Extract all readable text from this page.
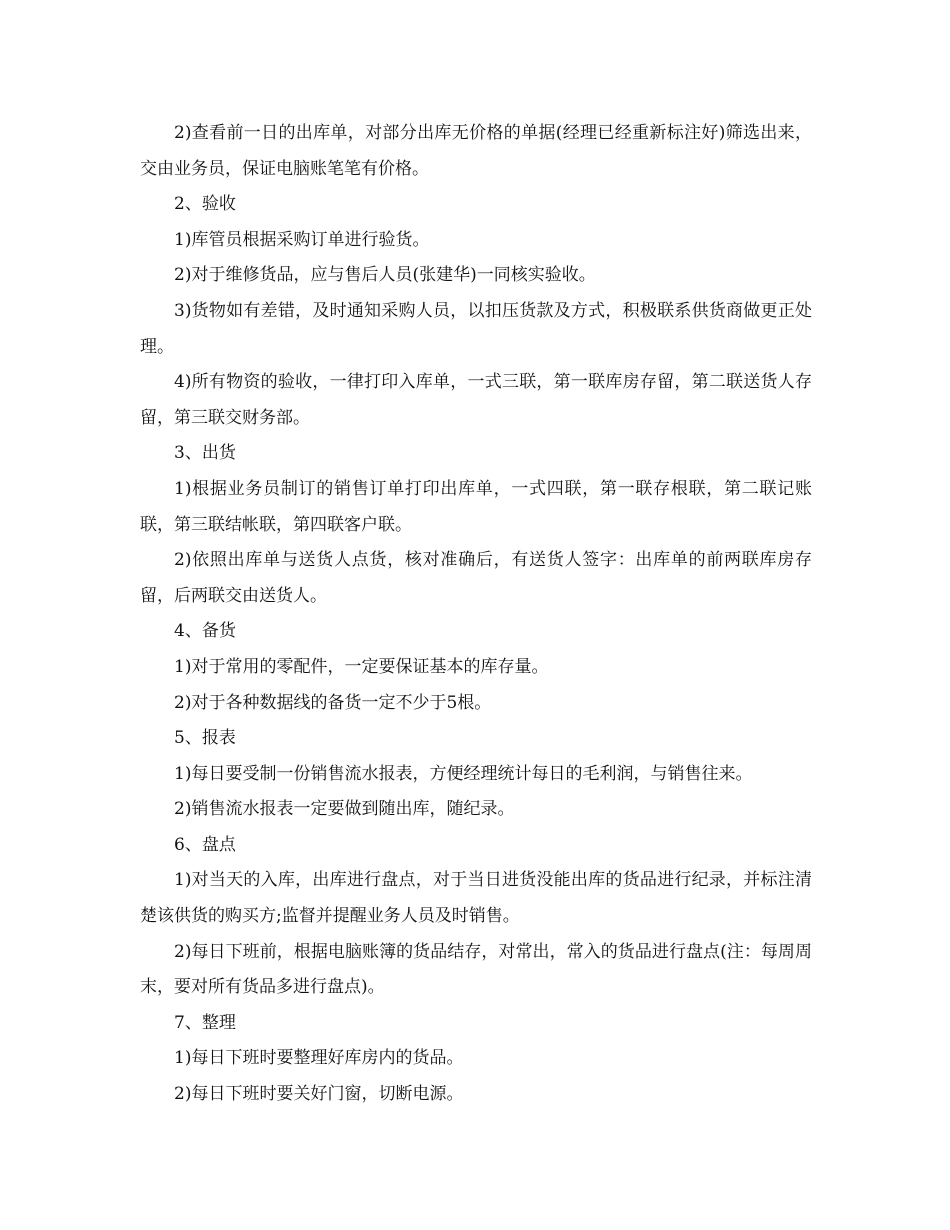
2)查看前一日的出库单，对部分出库无价格的单据(经理已经重新标注好)筛选出来，交由业务员，保证电脑账笔笔有价格。

2、验收

1)库管员根据采购订单进行验货。

2)对于维修货品，应与售后人员(张建华)一同核实验收。

3)货物如有差错，及时通知采购人员，以扣压货款及方式，积极联系供货商做更正处理。

4)所有物资的验收，一律打印入库单，一式三联，第一联库房存留，第二联送货人存留，第三联交财务部。

3、出货

1)根据业务员制订的销售订单打印出库单，一式四联，第一联存根联，第二联记账联，第三联结帐联，第四联客户联。

2)依照出库单与送货人点货，核对准确后，有送货人签字：出库单的前两联库房存留，后两联交由送货人。

4、备货

1)对于常用的零配件，一定要保证基本的库存量。

2)对于各种数据线的备货一定不少于5根。

5、报表

1)每日要受制一份销售流水报表，方便经理统计每日的毛利润，与销售往来。

2)销售流水报表一定要做到随出库，随纪录。

6、盘点

1)对当天的入库，出库进行盘点，对于当日进货没能出库的货品进行纪录，并标注清楚该供货的购买方;监督并提醒业务人员及时销售。

2)每日下班前，根据电脑账簿的货品结存，对常出，常入的货品进行盘点(注：每周周末，要对所有货品多进行盘点)。

7、整理

1)每日下班时要整理好库房内的货品。

2)每日下班时要关好门窗，切断电源。
